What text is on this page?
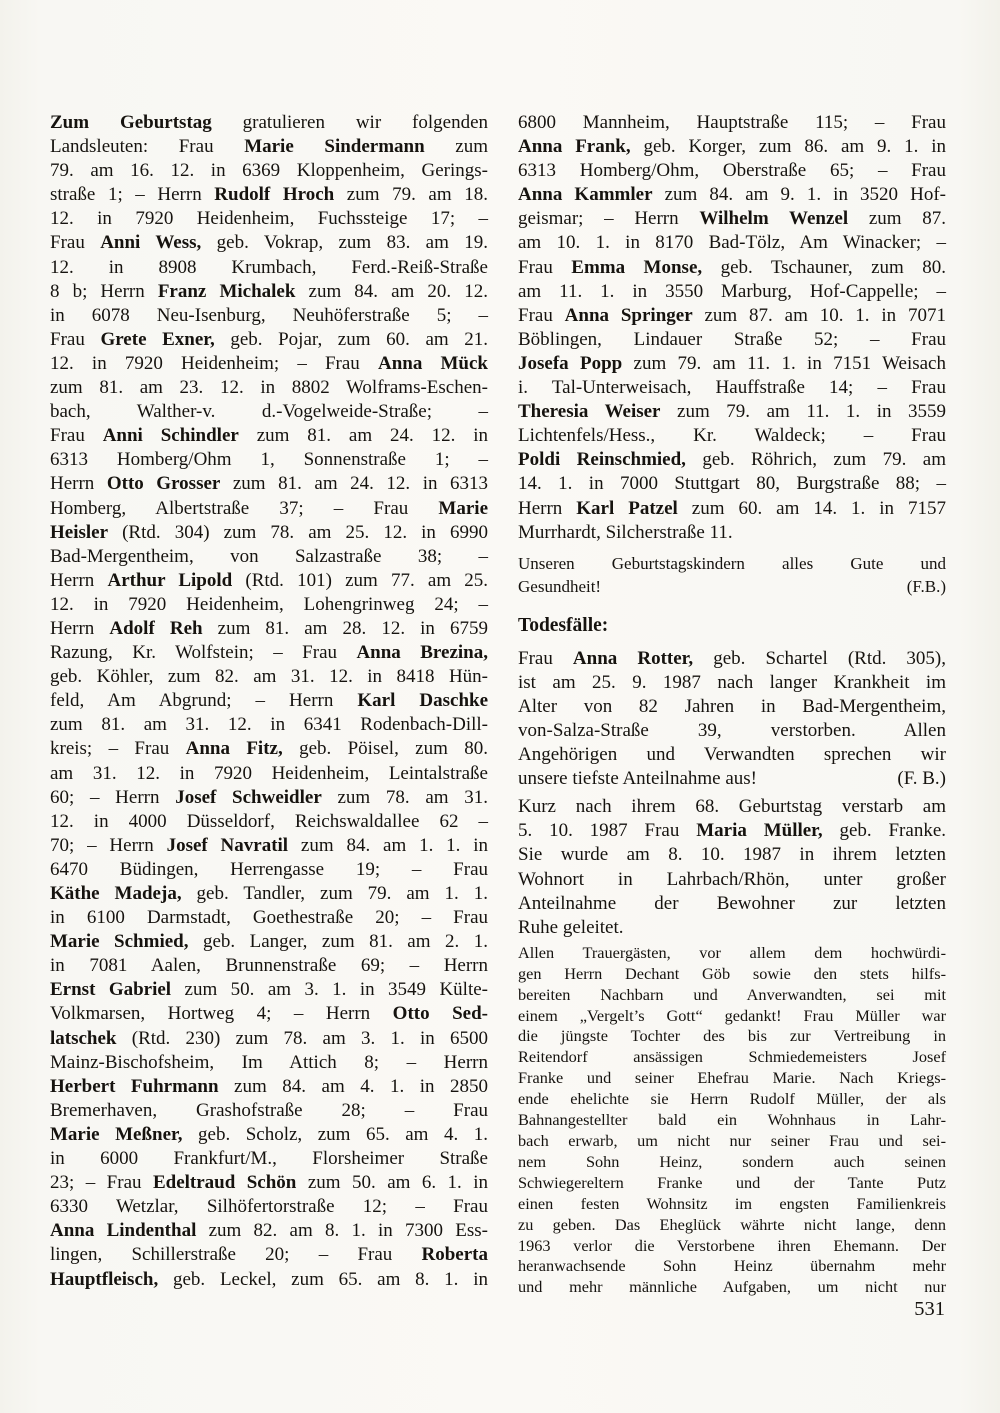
Zum Geburtstag gratulieren wir folgenden
Landsleuten: Frau Marie Sindermann zum
79. am 16. 12. in 6369 Kloppenheim, Gerings-
straße 1; – Herrn Rudolf Hroch zum 79. am 18.
12. in 7920 Heidenheim, Fuchssteige 17; –
Frau Anni Wess, geb. Vokrap, zum 83. am 19.
12. in 8908 Krumbach, Ferd.-Reiß-Straße
8 b; Herrn Franz Michalek zum 84. am 20. 12.
in 6078 Neu-Isenburg, Neuhöferstraße 5; –
Frau Grete Exner, geb. Pojar, zum 60. am 21.
12. in 7920 Heidenheim; – Frau Anna Mück
zum 81. am 23. 12. in 8802 Wolframs-Eschen-
bach, Walther-v. d.-Vogelweide-Straße; –
Frau Anni Schindler zum 81. am 24. 12. in
6313 Homberg/Ohm 1, Sonnenstraße 1; –
Herrn Otto Grosser zum 81. am 24. 12. in 6313
Homberg, Albertstraße 37; – Frau Marie
Heisler (Rtd. 304) zum 78. am 25. 12. in 6990
Bad-Mergentheim, von Salzastraße 38; –
Herrn Arthur Lipold (Rtd. 101) zum 77. am 25.
12. in 7920 Heidenheim, Lohengrinweg 24; –
Herrn Adolf Reh zum 81. am 28. 12. in 6759
Razung, Kr. Wolfstein; – Frau Anna Brezina,
geb. Köhler, zum 82. am 31. 12. in 8418 Hün-
feld, Am Abgrund; – Herrn Karl Daschke
zum 81. am 31. 12. in 6341 Rodenbach-Dill-
kreis; – Frau Anna Fitz, geb. Pöisel, zum 80.
am 31. 12. in 7920 Heidenheim, Leintalstraße
60; – Herrn Josef Schweidler zum 78. am 31.
12. in 4000 Düsseldorf, Reichswaldallee 62 –
70; – Herrn Josef Navratil zum 84. am 1. 1. in
6470 Büdingen, Herrengasse 19; – Frau
Käthe Madeja, geb. Tandler, zum 79. am 1. 1.
in 6100 Darmstadt, Goethestraße 20; – Frau
Marie Schmied, geb. Langer, zum 81. am 2. 1.
in 7081 Aalen, Brunnenstraße 69; – Herrn
Ernst Gabriel zum 50. am 3. 1. in 3549 Külte-
Volkmarsen, Hortweg 4; – Herrn Otto Sed-
latschek (Rtd. 230) zum 78. am 3. 1. in 6500
Mainz-Bischofsheim, Im Attich 8; – Herrn
Herbert Fuhrmann zum 84. am 4. 1. in 2850
Bremerhaven, Grashofstraße 28; – Frau
Marie Meßner, geb. Scholz, zum 65. am 4. 1.
in 6000 Frankfurt/M., Florsheimer Straße
23; – Frau Edeltraud Schön zum 50. am 6. 1. in
6330 Wetzlar, Silhöfertorstraße 12; – Frau
Anna Lindenthal zum 82. am 8. 1. in 7300 Ess-
lingen, Schillerstraße 20; – Frau Roberta
Hauptfleisch, geb. Leckel, zum 65. am 8. 1. in
6800 Mannheim, Hauptstraße 115; – Frau
Anna Frank, geb. Korger, zum 86. am 9. 1. in
6313 Homberg/Ohm, Oberstraße 65; – Frau
Anna Kammler zum 84. am 9. 1. in 3520 Hof-
geismar; – Herrn Wilhelm Wenzel zum 87.
am 10. 1. in 8170 Bad-Tölz, Am Winacker; –
Frau Emma Monse, geb. Tschauner, zum 80.
am 11. 1. in 3550 Marburg, Hof-Cappelle; –
Frau Anna Springer zum 87. am 10. 1. in 7071
Böblingen, Lindauer Straße 52; – Frau
Josefa Popp zum 79. am 11. 1. in 7151 Weisach
i. Tal-Unterweisach, Hauffstraße 14; – Frau
Theresia Weiser zum 79. am 11. 1. in 3559
Lichtenfels/Hess., Kr. Waldeck; – Frau
Poldi Reinschmied, geb. Röhrich, zum 79. am
14. 1. in 7000 Stuttgart 80, Burgstraße 88; –
Herrn Karl Patzel zum 60. am 14. 1. in 7157
Murrhardt, Silcherstraße 11.
Unseren Geburtstagskindern alles Gute und
Gesundheit!	(F.B.)
Todesfälle:
Frau Anna Rotter, geb. Schartel (Rtd. 305),
ist am 25. 9. 1987 nach langer Krankheit im
Alter von 82 Jahren in Bad-Mergentheim,
von-Salza-Straße 39, verstorben. Allen
Angehörigen und Verwandten sprechen wir
unsere tiefste Anteilnahme aus!	(F. B.)
Kurz nach ihrem 68. Geburtstag verstarb am
5. 10. 1987 Frau Maria Müller, geb. Franke.
Sie wurde am 8. 10. 1987 in ihrem letzten
Wohnort in Lahrbach/Rhön, unter großer
Anteilnahme der Bewohner zur letzten
Ruhe geleitet.
Allen Trauergästen, vor allem dem hochwürdi-
gen Herrn Dechant Göb sowie den stets hilfs-
bereiten Nachbarn und Anverwandten, sei mit
einem „Vergelt’s Gott“ gedankt! Frau Müller war
die jüngste Tochter des bis zur Vertreibung in
Reitendorf ansässigen Schmiedemeisters Josef
Franke und seiner Ehefrau Marie. Nach Kriegs-
ende ehelichte sie Herrn Rudolf Müller, der als
Bahnangestellter bald ein Wohnhaus in Lahr-
bach erwarb, um nicht nur seiner Frau und sei-
nem Sohn Heinz, sondern auch seinen
Schwiegereltern Franke und der Tante Putz
einen festen Wohnsitz im engsten Familienkreis
zu geben. Das Eheglück währte nicht lange, denn
1963 verlor die Verstorbene ihren Ehemann. Der
heranwachsende Sohn Heinz übernahm mehr
und mehr männliche Aufgaben, um nicht nur
531
